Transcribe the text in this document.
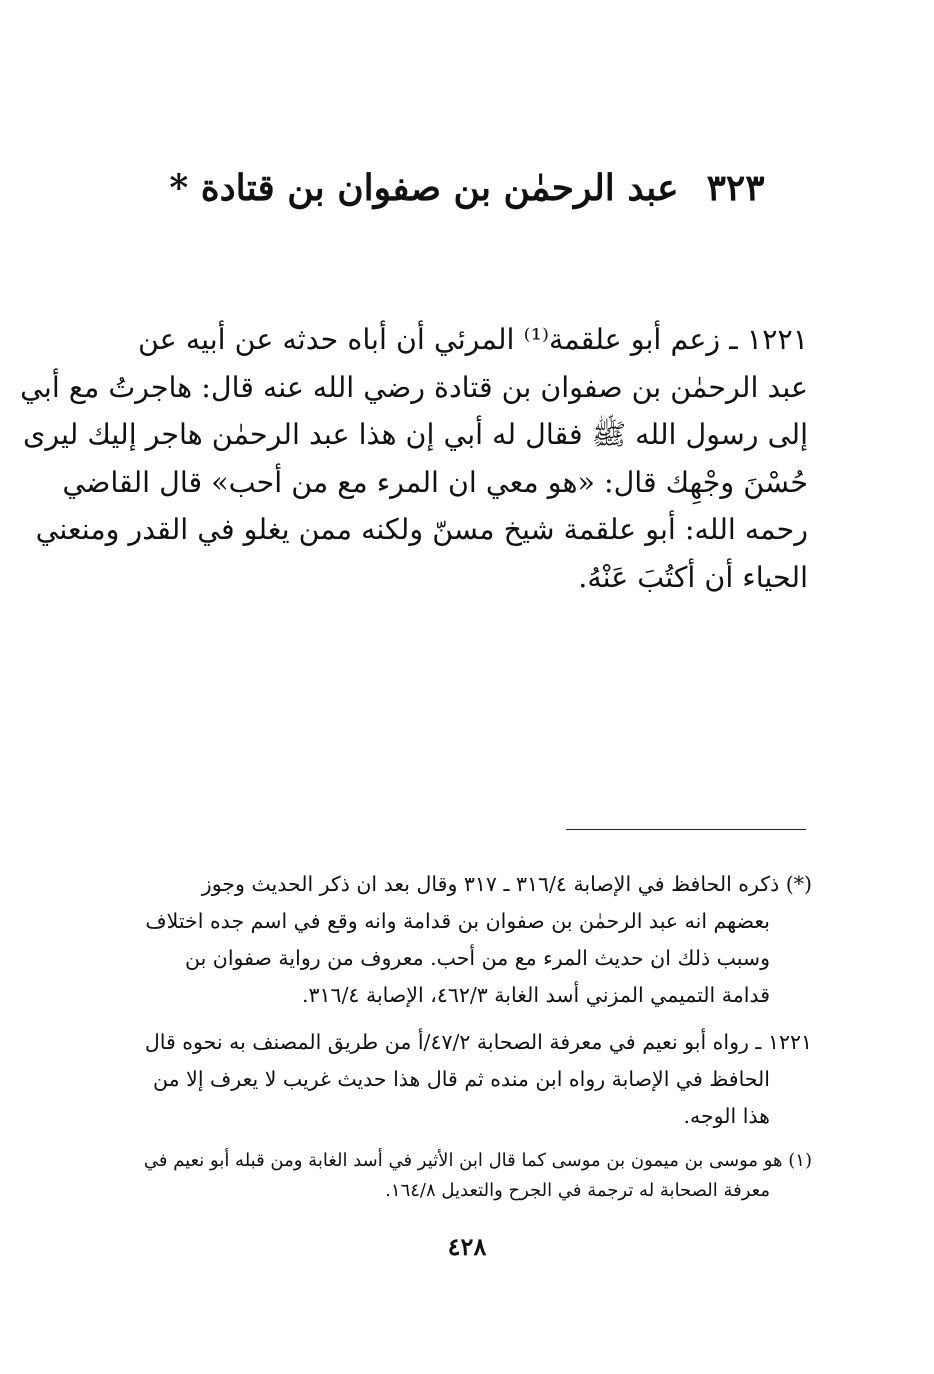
٣٢٣عبد الرحمٰن بن صفوان بن قتادة *
١٢٢١ ـ زعم أبو علقمة⁽¹⁾ المرئي أن أباه حدثه عن أبيه عن
عبد الرحمٰن بن صفوان بن قتادة رضي الله عنه قال: هاجرتُ مع أبي
إلى رسول الله ﷺ فقال له أبي إن هذا عبد الرحمٰن هاجر إليك ليرى
حُسْنَ وجْهِك قال: «هو معي ان المرء مع من أحب» قال القاضي
رحمه الله: أبو علقمة شيخ مسنّ ولكنه ممن يغلو في القدر ومنعني
الحياء أن أكتُبَ عَنْهُ.
(*) ذكره الحافظ في الإصابة ٣١٦/٤ ـ ٣١٧ وقال بعد ان ذكر الحديث وجوز
بعضهم انه عبد الرحمٰن بن صفوان بن قدامة وانه وقع في اسم جده اختلاف
وسبب ذلك ان حديث المرء مع من أحب. معروف من رواية صفوان بن
قدامة التميمي المزني أسد الغابة ٤٦٢/٣، الإصابة ٣١٦/٤.
١٢٢١ ـ رواه أبو نعيم في معرفة الصحابة ٤٧/٢/أ من طريق المصنف به نحوه قال
الحافظ في الإصابة رواه ابن منده ثم قال هذا حديث غريب لا يعرف إلا من
هذا الوجه.
(١) هو موسى بن ميمون بن موسى كما قال ابن الأثير في أسد الغابة ومن قبله أبو نعيم في
معرفة الصحابة له ترجمة في الجرح والتعديل ١٦٤/٨.
٤٢٨
